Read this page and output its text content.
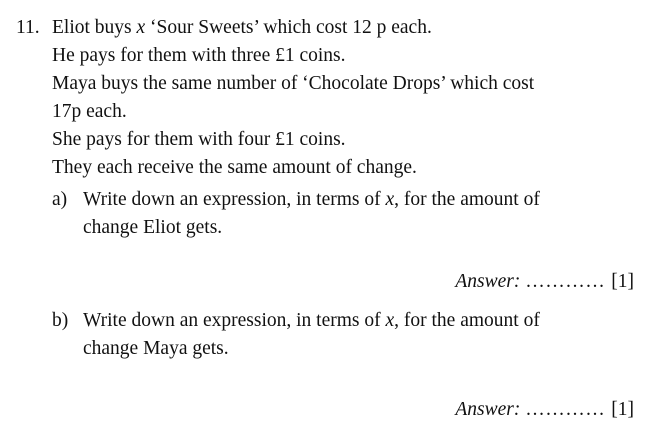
11. Eliot buys x ‘Sour Sweets’ which cost 12 p each.
He pays for them with three £1 coins.
Maya buys the same number of ‘Chocolate Drops’ which cost
17p each.
She pays for them with four £1 coins.
They each receive the same amount of change.
a) Write down an expression, in terms of x, for the amount of
change Eliot gets.
Answer: ………… [1]
b) Write down an expression, in terms of x, for the amount of
change Maya gets.
Answer: ………… [1]
